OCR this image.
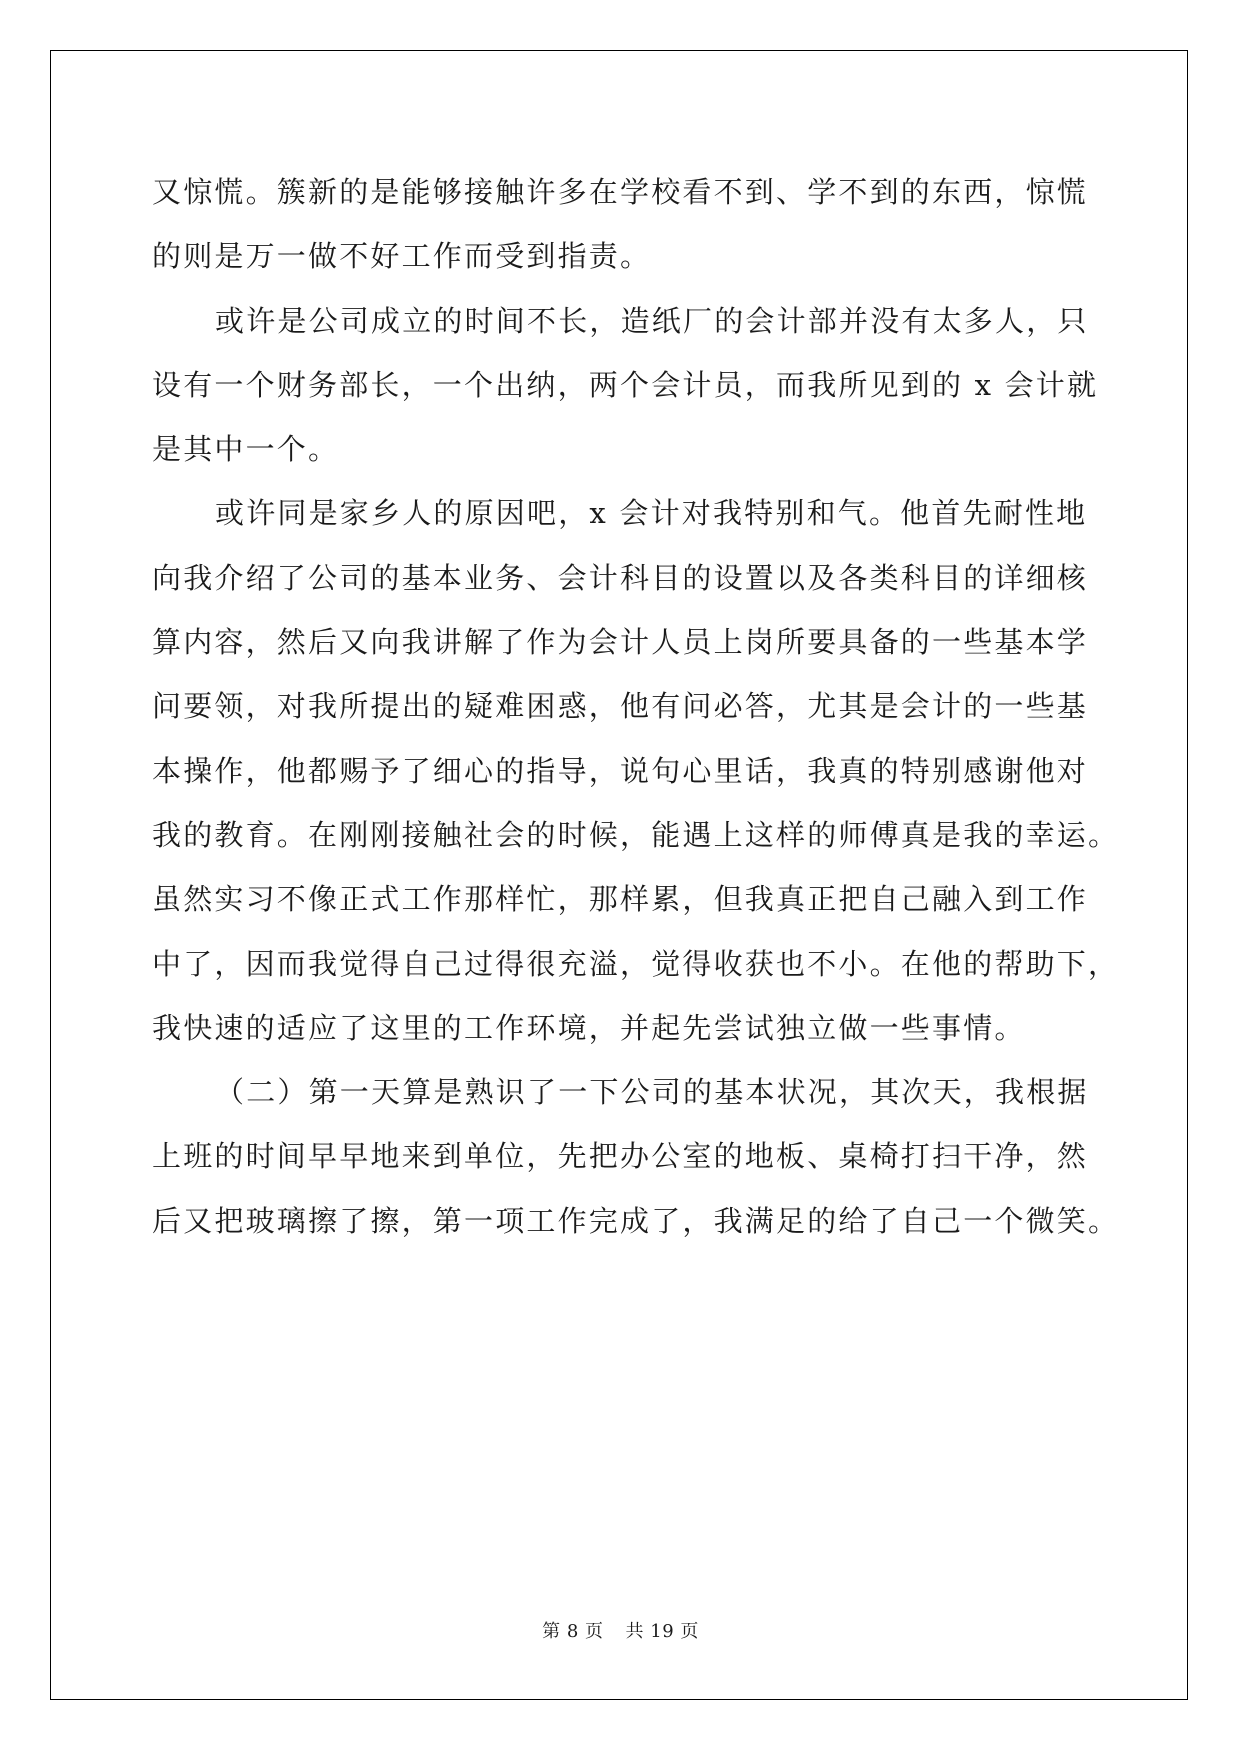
又惊慌。簇新的是能够接触许多在学校看不到、学不到的东西，惊慌
的则是万一做不好工作而受到指责。
或许是公司成立的时间不长，造纸厂的会计部并没有太多人，只
设有一个财务部长，一个出纳，两个会计员，而我所见到的 x 会计就
是其中一个。
或许同是家乡人的原因吧，x 会计对我特别和气。他首先耐性地
向我介绍了公司的基本业务、会计科目的设置以及各类科目的详细核
算内容，然后又向我讲解了作为会计人员上岗所要具备的一些基本学
问要领，对我所提出的疑难困惑，他有问必答，尤其是会计的一些基
本操作，他都赐予了细心的指导，说句心里话，我真的特别感谢他对
我的教育。在刚刚接触社会的时候，能遇上这样的师傅真是我的幸运。
虽然实习不像正式工作那样忙，那样累，但我真正把自己融入到工作
中了，因而我觉得自己过得很充溢，觉得收获也不小。在他的帮助下，
我快速的适应了这里的工作环境，并起先尝试独立做一些事情。
（二）第一天算是熟识了一下公司的基本状况，其次天，我根据
上班的时间早早地来到单位，先把办公室的地板、桌椅打扫干净，然
后又把玻璃擦了擦，第一项工作完成了，我满足的给了自己一个微笑。
第 8 页 共 19 页
